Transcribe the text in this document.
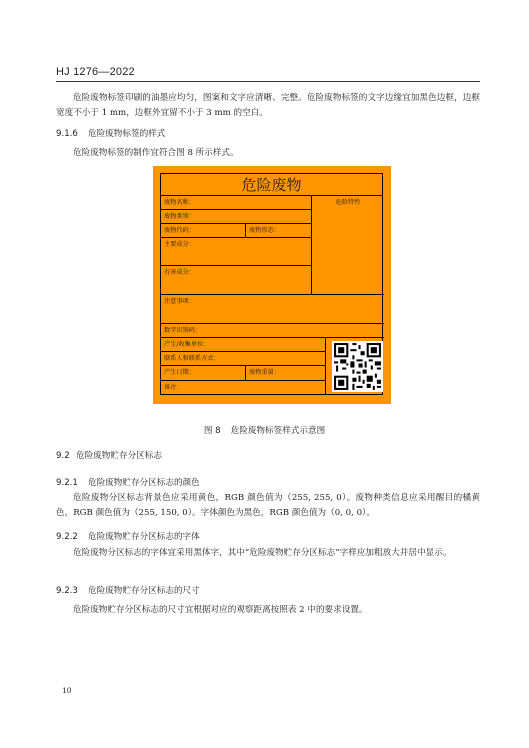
HJ 1276—2022
危险废物标签印刷的油墨应均匀，图案和文字应清晰、完整。危险废物标签的文字边缘宜加黑色边框，边框宽度不小于 1 mm，边框外宜留不小于 3 mm 的空白。
9.1.6 危险废物标签的样式
危险废物标签的制作宜符合图 8 所示样式。
危险废物
废物名称：	危险特性
废物类别：
废物代码：	废物形态：
主要成分：
有害成分：
注意事项：
数字识别码：
产生/收集单位：
联系人和联系方式：
产生日期：	废物重量：
备注：
图 8 危险废物标签样式示意图
9.2 危险废物贮存分区标志
9.2.1 危险废物贮存分区标志的颜色
危险废物分区标志背景色应采用黄色，RGB 颜色值为（255, 255, 0）。废物种类信息应采用醒目的橘黄色，RGB 颜色值为（255, 150, 0）。字体颜色为黑色，RGB 颜色值为（0, 0, 0）。
9.2.2 危险废物贮存分区标志的字体
危险废物分区标志的字体宜采用黑体字，其中“危险废物贮存分区标志”字样应加粗放大并居中显示。
9.2.3 危险废物贮存分区标志的尺寸
危险废物贮存分区标志的尺寸宜根据对应的观察距离按照表 2 中的要求设置。
10
